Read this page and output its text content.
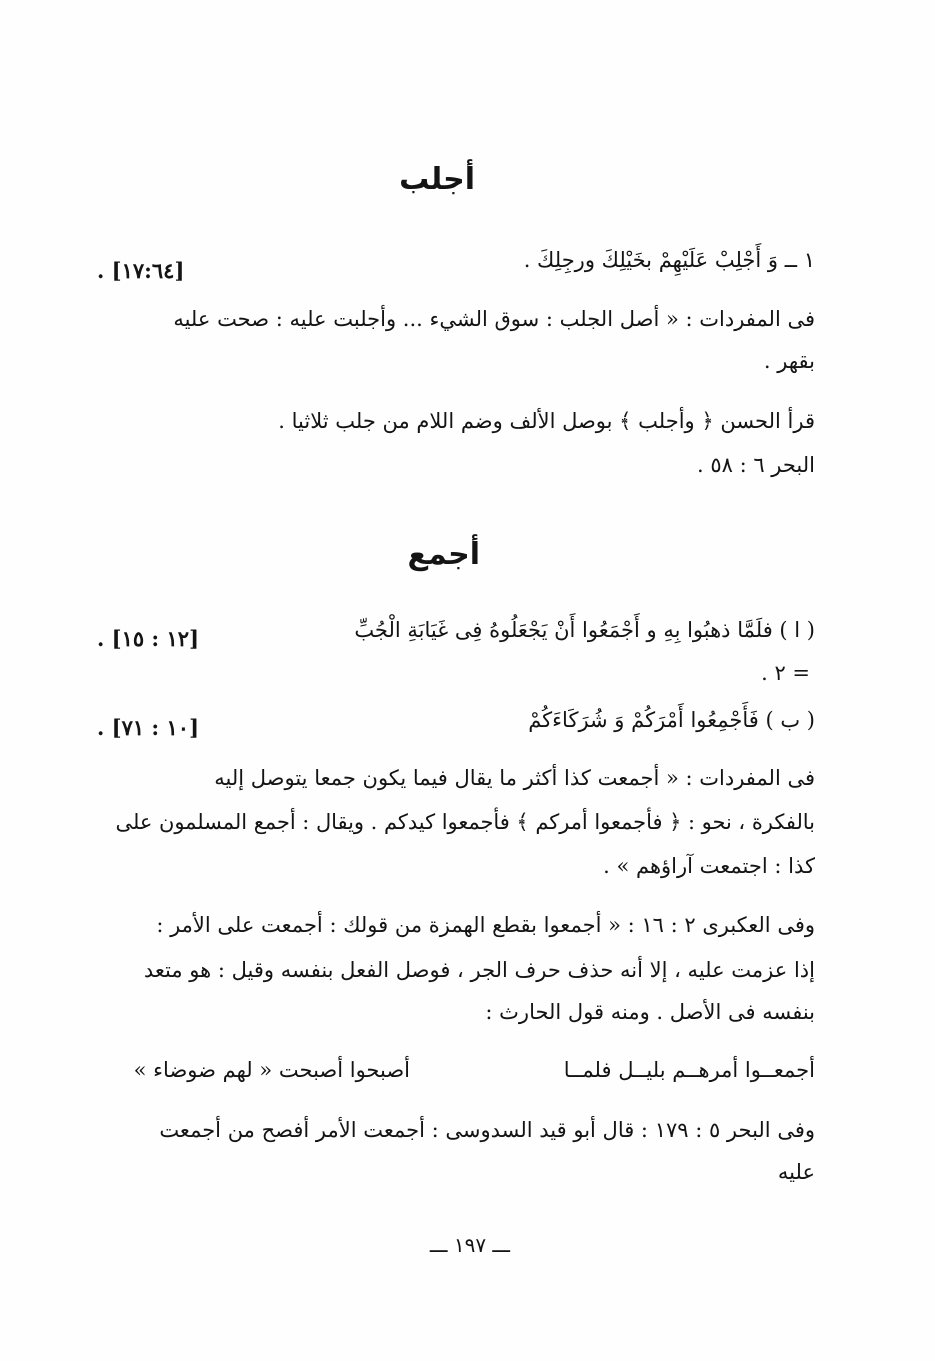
أجلب
١ ــ وَ أَجْلِبْ عَلَيْهِمْ بخَيْلِكَ ورجِلِكَ .
. [١٧:٦٤]
فى المفردات : « أصل الجلب : سوق الشيء ... وأجلبت عليه : صحت عليه
بقهر .
قرأ الحسن ﴿ وأجلب ﴾ بوصل الألف وضم اللام من جلب ثلاثيا .
البحر ٦ : ٥٨ .
أجمع
( ا ) فلَمَّا ذهبُوا بِهِ و أَجْمَعُوا أَنْ يَجْعَلُوهُ فِى غَيَابَةِ الْجُبِّ
. [١٢ : ١٥]
= ٢ .
( ب ) فَأَجْمِعُوا أَمْرَكُمْ وَ شُرَكَاءَكُمْ
. [١٠ : ٧١]
فى المفردات : « أجمعت كذا أكثر ما يقال فيما يكون جمعا يتوصل إليه
بالفكرة ، نحو : ﴿ فأجمعوا أمركم ﴾ فأجمعوا كيدكم . ويقال : أجمع المسلمون على
كذا : اجتمعت آراؤهم » .
وفى العكبرى ٢ : ١٦ : « أجمعوا بقطع الهمزة من قولك : أجمعت على الأمر :
إذا عزمت عليه ، إلا أنه حذف حرف الجر ، فوصل الفعل بنفسه وقيل : هو متعد
بنفسه فى الأصل . ومنه قول الحارث :
أجمعــوا أمرهــم بليــل فلمــا
أصبحوا أصبحت « لهم ضوضاء »
وفى البحر ٥ : ١٧٩ : قال أبو قيد السدوسى : أجمعت الأمر أفصح من أجمعت
عليه
ـــ ١٩٧ ـــ
